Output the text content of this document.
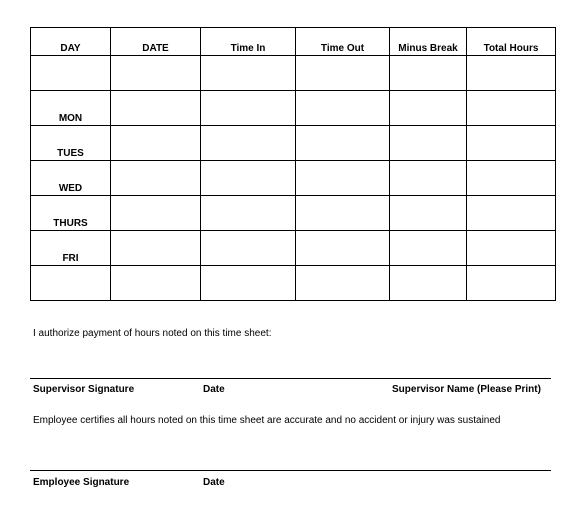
DAY	DATE	Time In	Time Out	Minus Break	Total Hours

MON					
TUES					
WED					
THURS					
FRI					

I authorize payment of hours noted on this time sheet:

Supervisor Signature	Date	Supervisor Name (Please Print)

Employee certifies all hours noted on this time sheet are accurate and no accident or injury was sustained

Employee Signature	Date
